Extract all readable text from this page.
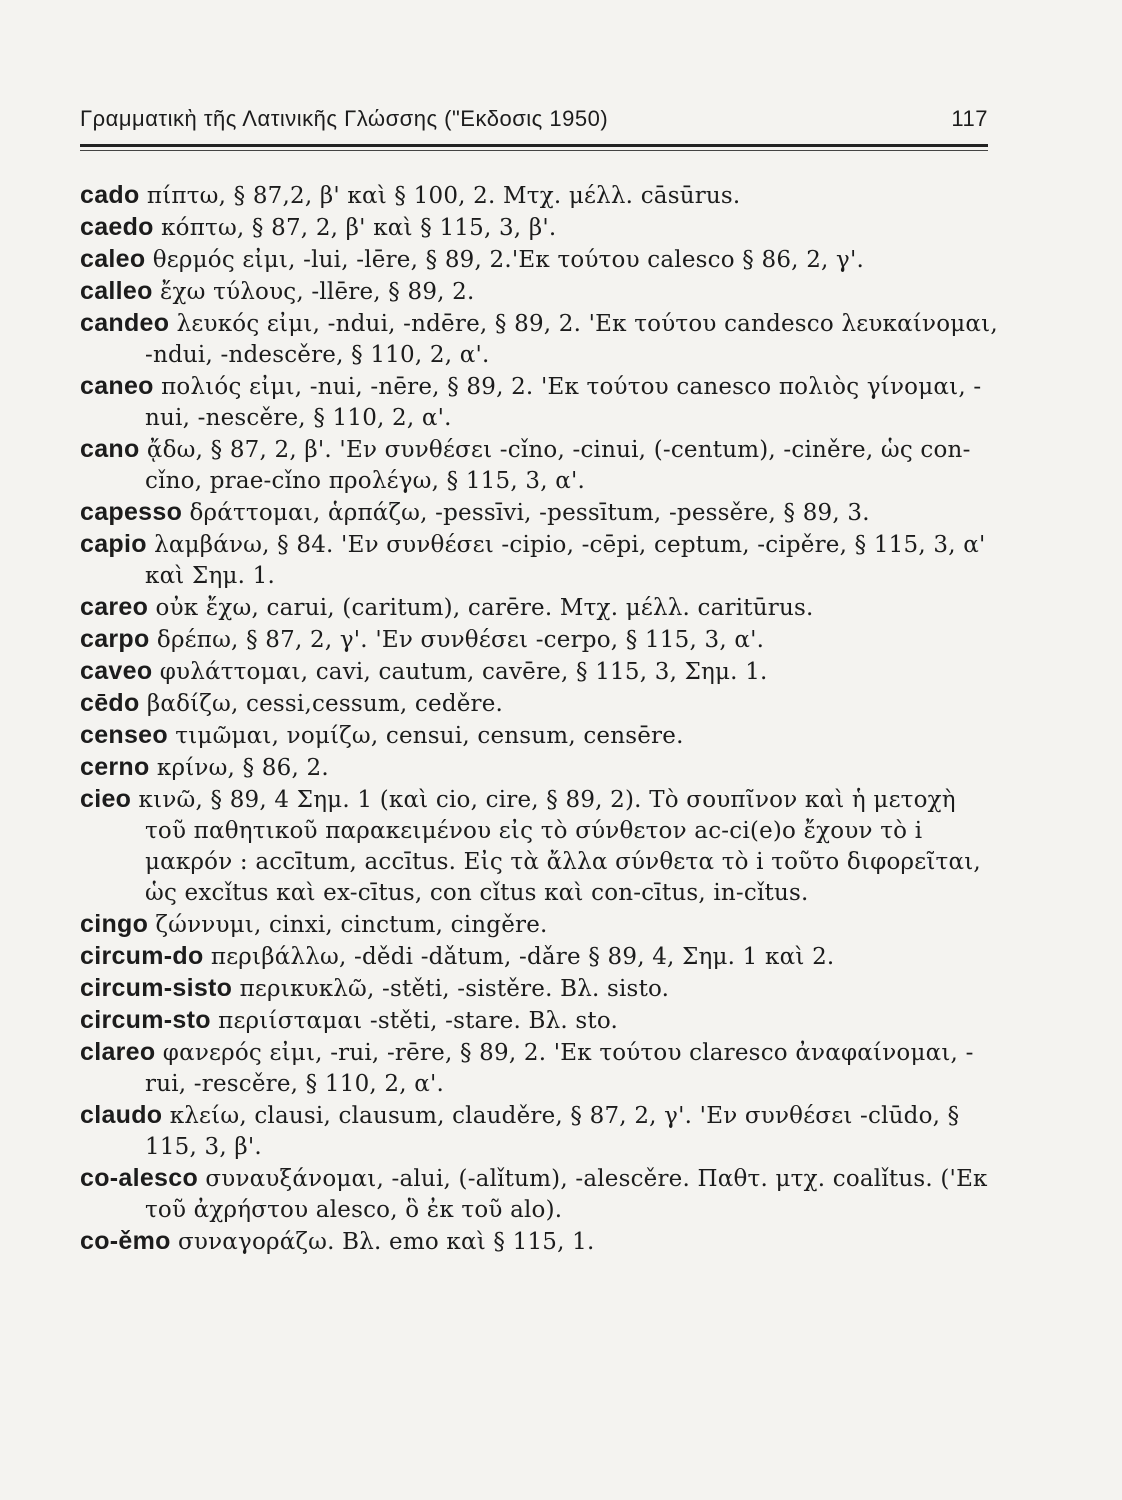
Γραμματικὴ τῆς Λατινικῆς Γλώσσης ("Εκδοσις 1950)	117

cado πίπτω, § 87,2, β' καὶ § 100, 2. Μτχ. μέλλ. cāsūrus.

caedo κόπτω, § 87, 2, β' καὶ § 115, 3, β'.

caleo θερμός εἰμι, -lui, -lēre, § 89, 2.'Εκ τούτου calesco § 86, 2, γ'.

calleo ἔχω τύλους, -llēre, § 89, 2.

candeo λευκός εἰμι, -ndui, -ndēre, § 89, 2. 'Εκ τούτου candesco λευκαίνομαι, -ndui, -ndescěre, § 110, 2, α'.

caneo πολιός εἰμι, -nui, -nēre, § 89, 2. 'Εκ τούτου canesco πολιὸς γίνομαι, -nui, -nescěre, § 110, 2, α'.

cano ᾄδω, § 87, 2, β'. 'Εν συνθέσει -cǐno, -cinui, (-centum), -ciněre, ὡς con- cǐno, prae-cǐno προλέγω, § 115, 3, α'.

capesso δράττομαι, ἁρπάζω, -pessīvi, -pessītum, -pessěre, § 89, 3.

capio λαμβάνω, § 84. 'Εν συνθέσει -cipio, -cēpi, ceptum, -cipěre, § 115, 3, α' καὶ Σημ. 1.

careo οὐκ ἔχω, carui, (caritum), carēre. Μτχ. μέλλ. caritūrus.

carpo δρέπω, § 87, 2, γ'. 'Εν συνθέσει -cerpo, § 115, 3, α'.

caveo φυλάττομαι, cavi, cautum, cavēre, § 115, 3, Σημ. 1.

cēdo βαδίζω, cessi,cessum, ceděre.

censeo τιμῶμαι, νομίζω, censui, censum, censēre.

cerno κρίνω, § 86, 2.

cieo κινῶ, § 89, 4 Σημ. 1 (καὶ cio, cire, § 89, 2). Τὸ σουπῖνον καὶ ἡ μετοχὴ τοῦ παθητικοῦ παρακειμένου εἰς τὸ σύνθετον ac-ci(e)o ἔχουν τὸ i μακρόν : accītum, accītus. Εἰς τὰ ἄλλα σύνθετα τὸ i τοῦτο διφορεῖται, ὡς excǐtus καὶ ex-cītus, con cǐtus καὶ con-cītus, in-cǐtus.

cingo ζώννυμι, cinxi, cinctum, cingěre.

circum-do περιβάλλω, -dědi -dǎtum, -dǎre § 89, 4, Σημ. 1 καὶ 2.

circum-sisto περικυκλῶ, -stěti, -sistěre. Βλ. sisto.

circum-sto περιίσταμαι -stěti, -stare. Βλ. sto.

clareo φανερός εἰμι, -rui, -rēre, § 89, 2. 'Εκ τούτου claresco ἀναφαίνομαι, -rui, -rescěre, § 110, 2, α'.

claudo κλείω, clausi, clausum, clauděre, § 87, 2, γ'. 'Εν συνθέσει -clūdo, § 115, 3, β'.

co-alesco συναυξάνομαι, -alui, (-alǐtum), -alescěre. Παθτ. μτχ. coalǐtus. ('Εκ τοῦ ἀχρήστου alesco, ὃ ἐκ τοῦ alo).

co-ěmo συναγοράζω. Βλ. emo καὶ § 115, 1.
